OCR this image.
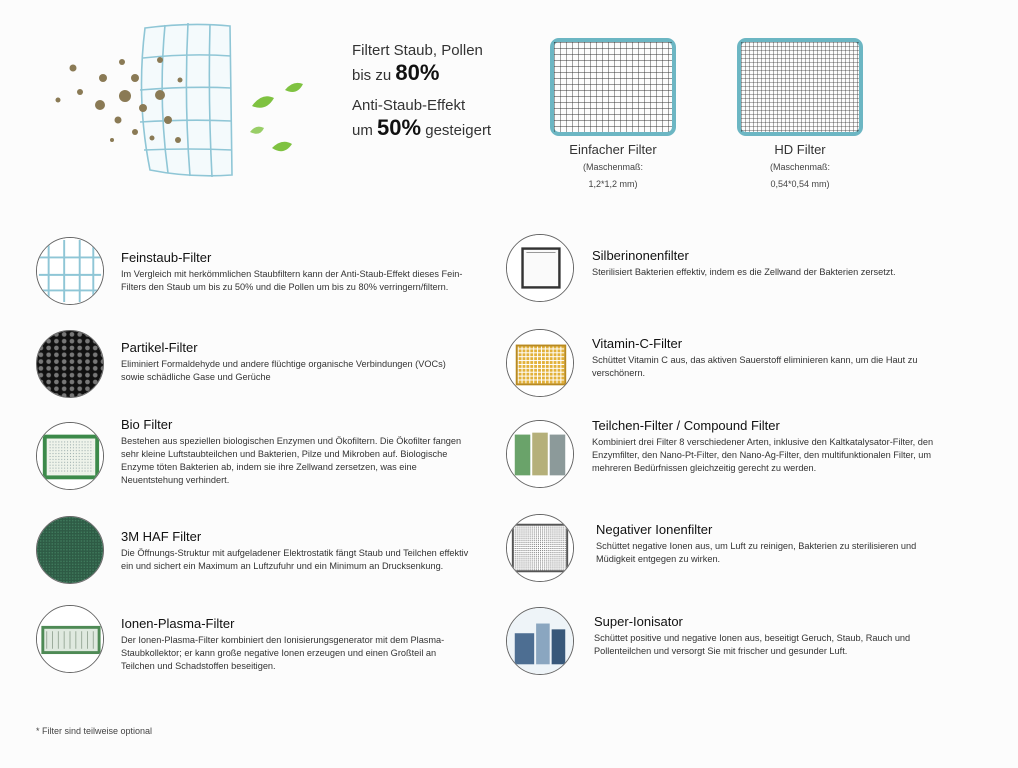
Filtert Staub, Pollen
bis zu 80%
Anti-Staub-Effekt
um 50% gesteigert
Einfacher Filter
(Maschenmaß:
1,2*1,2 mm)
HD Filter
(Maschenmaß:
0,54*0,54 mm)
Feinstaub-Filter
Im Vergleich mit herkömmlichen Staubfiltern kann der Anti-Staub-Effekt dieses Fein-Filters den Staub um bis zu 50% und die Pollen um bis zu 80% verringern/filtern.
Partikel-Filter
Eliminiert Formaldehyde und andere flüchtige organische Verbindungen (VOCs) sowie schädliche Gase und Gerüche
Bio Filter
Bestehen aus speziellen biologischen Enzymen und Ökofiltern. Die Ökofilter fangen sehr kleine Luftstaubteilchen und Bakterien, Pilze und Mikroben auf. Biologische Enzyme töten Bakterien ab, indem sie ihre Zellwand zersetzen, was eine Neuentstehung verhindert.
3M HAF Filter
Die Öffnungs-Struktur mit aufgeladener Elektrostatik fängt Staub und Teilchen effektiv ein und sichert ein Maximum an Luftzufuhr und ein Minimum an Drucksenkung.
Ionen-Plasma-Filter
Der Ionen-Plasma-Filter kombiniert den Ionisierungsgenerator mit dem Plasma-Staubkollektor; er kann große negative Ionen erzeugen und einen Großteil an Teilchen und Schadstoffen beseitigen.
Silberinonenfilter
Sterilisiert Bakterien effektiv, indem es die Zellwand der Bakterien zersetzt.
Vitamin-C-Filter
Schüttet Vitamin C aus, das aktiven Sauerstoff eliminieren kann, um die Haut zu verschönern.
Teilchen-Filter / Compound Filter
Kombiniert drei Filter 8 verschiedener Arten, inklusive den Kaltkatalysator-Filter, den Enzymfilter, den Nano-Pt-Filter, den Nano-Ag-Filter, den multifunktionalen Filter, um mehreren Bedürfnissen gleichzeitig gerecht zu werden.
Negativer Ionenfilter
Schüttet negative Ionen aus, um Luft zu reinigen, Bakterien zu sterilisieren und Müdigkeit entgegen zu wirken.
Super-Ionisator
Schüttet positive und negative Ionen aus, beseitigt Geruch, Staub, Rauch und Pollenteilchen und versorgt Sie mit frischer und gesunder Luft.
* Filter sind teilweise optional
